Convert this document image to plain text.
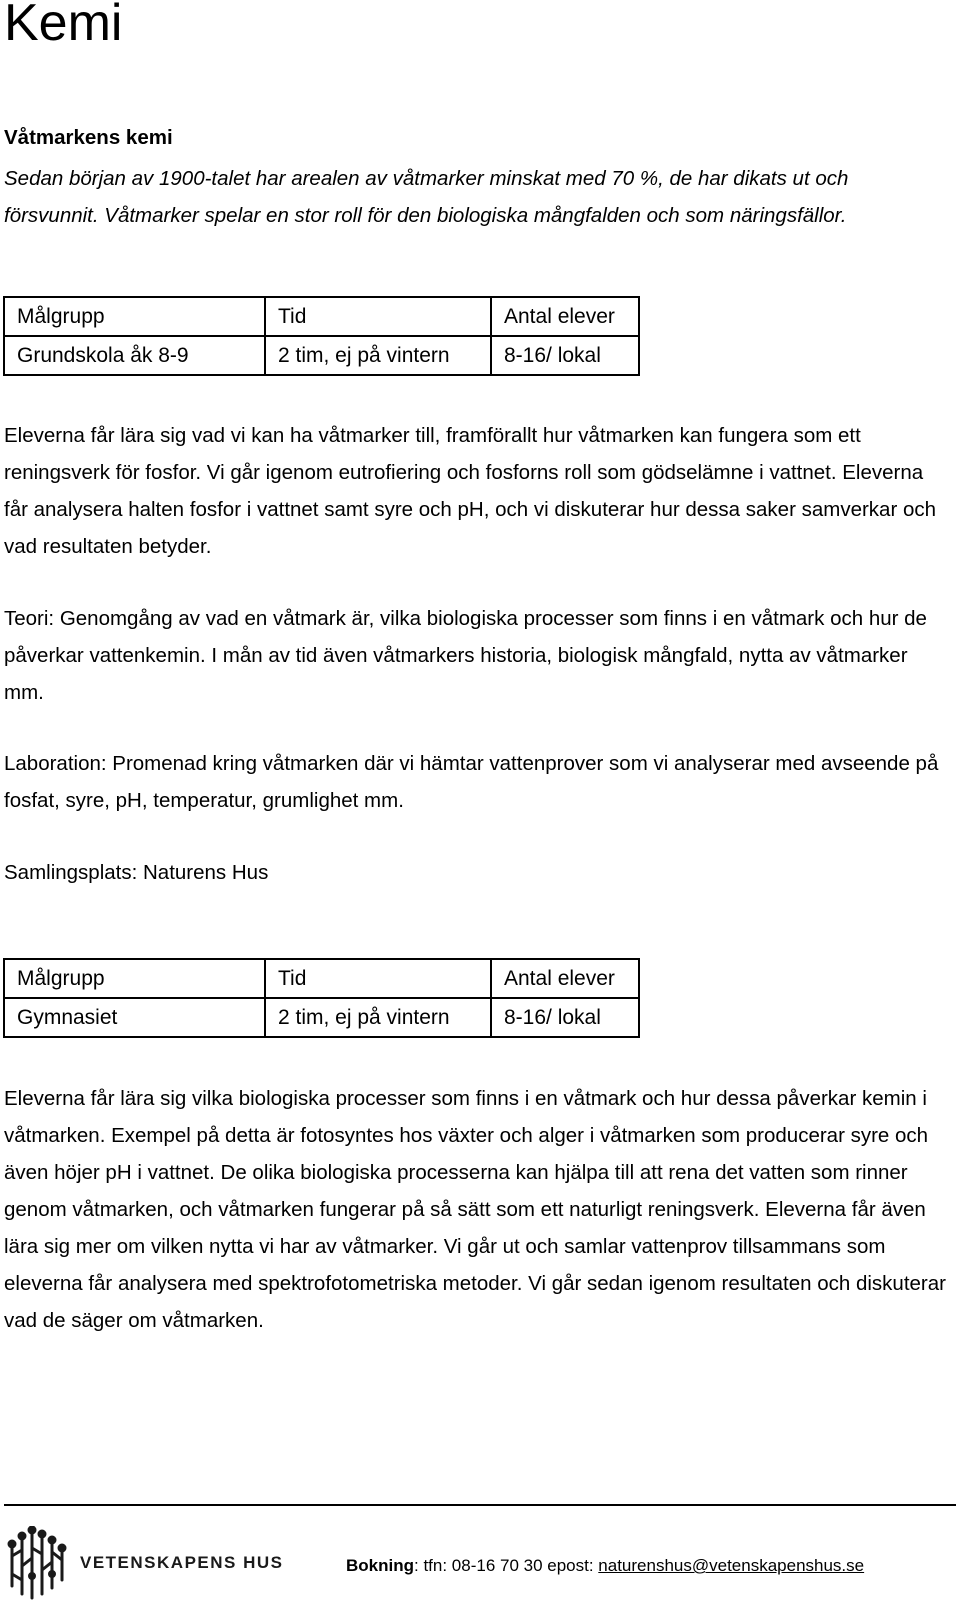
Kemi
Våtmarkens kemi

Sedan början av 1900-talet har arealen av våtmarker minskat med 70 %, de har dikats ut och försvunnit. Våtmarker spelar en stor roll för den biologiska mångfalden och som näringsfällor.

Målgrupp	Tid	Antal elever
Grundskola åk 8-9	2 tim, ej på vintern	8-16/ lokal

Eleverna får lära sig vad vi kan ha våtmarker till, framförallt hur våtmarken kan fungera som ett reningsverk för fosfor. Vi går igenom eutrofiering och fosforns roll som gödselämne i vattnet. Eleverna får analysera halten fosfor i vattnet samt syre och pH, och vi diskuterar hur dessa saker samverkar och vad resultaten betyder.

Teori: Genomgång av vad en våtmark är, vilka biologiska processer som finns i en våtmark och hur de påverkar vattenkemin. I mån av tid även våtmarkers historia, biologisk mångfald, nytta av våtmarker mm.

Laboration: Promenad kring våtmarken där vi hämtar vattenprover som vi analyserar med avseende på fosfat, syre, pH, temperatur, grumlighet mm.

Samlingsplats: Naturens Hus

Målgrupp	Tid	Antal elever
Gymnasiet	2 tim, ej på vintern	8-16/ lokal

Eleverna får lära sig vilka biologiska processer som finns i en våtmark och hur dessa påverkar kemin i våtmarken. Exempel på detta är fotosyntes hos växter och alger i våtmarken som producerar syre och även höjer pH i vattnet. De olika biologiska processerna kan hjälpa till att rena det vatten som rinner genom våtmarken, och våtmarken fungerar på så sätt som ett naturligt reningsverk. Eleverna får även lära sig mer om vilken nytta vi har av våtmarker. Vi går ut och samlar vattenprov tillsammans som eleverna får analysera med spektrofotometriska metoder. Vi går sedan igenom resultaten och diskuterar vad de säger om våtmarken.

VETENSKAPENS HUS	Bokning: tfn: 08-16 70 30 epost: naturenshus@vetenskapenshus.se
